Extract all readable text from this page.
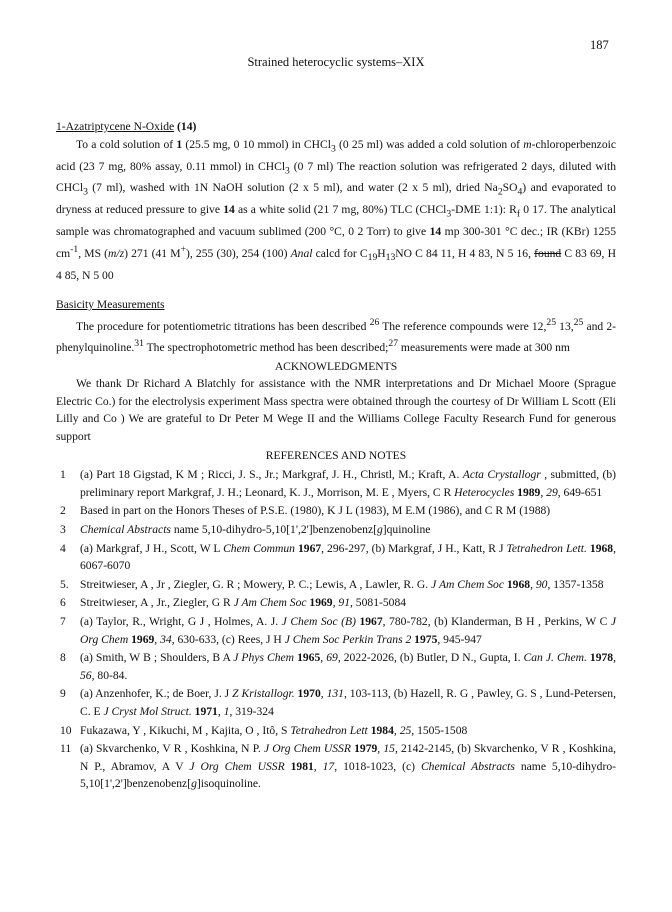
187
Strained heterocyclic systems–XIX

1-Azatriptycene N-Oxide (14)

To a cold solution of 1 (25.5 mg, 0 10 mmol) in CHCl$_3$ (0 25 ml) was added a cold solution of m-chloroperbenzoic acid (23 7 mg, 80% assay, 0.11 mmol) in CHCl$_3$ (0 7 ml) The reaction solution was refrigerated 2 days, diluted with CHCl$_3$ (7 ml), washed with 1N NaOH solution (2 x 5 ml), and water (2 x 5 ml), dried $Na_2SO_4$) and evaporated to dryness at reduced pressure to give 14 as a white solid (21 7 mg, 80%) TLC (CHCl$_3$-DME 1:1): $R_f$ 0 17. The analytical sample was chromatographed and vacuum sublimed (200 °C, 0 2 Torr) to give 14 mp 300-301 °C dec.; IR (KBr) 1255 $cm^{-1}$, MS (m/z) 271 (41 M+), 255 (30), 254 (100) Anal calcd for $C_{19}H_{13}NO$ C 84 11, H 4 83, N 5 16, found C 83 69, H 4 85, N 5 00

Basicity Measurements

The procedure for potentiometric titrations has been described $^{26}$ The reference compounds were 12,25 13,25 and 2-phenylquinoline.$^{31}$ The spectrophotometric method has been described;$^{27}$ measurements were made at 300 nm

ACKNOWLEDGMENTS

We thank Dr Richard A Blatchly for assistance with the NMR interpretations and Dr Michael Moore (Sprague Electric Co.) for the electrolysis experiment Mass spectra were obtained through the courtesy of Dr William L Scott (Eli Lilly and Co ) We are grateful to Dr Peter M Wege II and the Williams College Faculty Research Fund for generous support

REFERENCES AND NOTES

1 (a) Part 18 Gigstad, K M ; Ricci, J. S., Jr.; Markgraf, J. H., Christl, M.; Kraft, A. Acta Crystallogr , submitted, (b) preliminary report Markgraf, J. H.; Leonard, K. J., Morrison, M. E , Myers, C R Heterocycles 1989, 29, 649-651
2 Based in part on the Honors Theses of P.S.E. (1980), K J L (1983), M E.M (1986), and C R M (1988)
3 Chemical Abstracts name 5,10-dihydro-5,10[1',2']benzenobenz[g]quinoline
4 (a) Markgraf, J H., Scott, W L Chem Commun 1967, 296-297, (b) Markgraf, J H., Katt, R J Tetrahedron Lett. 1968, 6067-6070
5. Streitwieser, A , Jr , Ziegler, G. R ; Mowery, P. C.; Lewis, A , Lawler, R. G. J Am Chem Soc 1968, 90, 1357-1358
6 Streitwieser, A , Jr., Ziegler, G R J Am Chem Soc 1969, 91, 5081-5084
7 (a) Taylor, R., Wright, G J , Holmes, A. J. J Chem Soc (B) 1967, 780-782, (b) Klanderman, B H , Perkins, W C J Org Chem 1969, 34, 630-633, (c) Rees, J H J Chem Soc Perkin Trans 2 1975, 945-947
8 (a) Smith, W B ; Shoulders, B A J Phys Chem 1965, 69, 2022-2026, (b) Butler, D N., Gupta, I. Can J. Chem. 1978, 56, 80-84.
9 (a) Anzenhofer, K.; de Boer, J. J Z Kristallogr. 1970, 131, 103-113, (b) Hazell, R. G , Pawley, G. S , Lund-Petersen, C. E J Cryst Mol Struct. 1971, 1, 319-324
10 Fukazawa, Y , Kikuchi, M , Kajita, O , Itô, S Tetrahedron Lett 1984, 25, 1505-1508
11 (a) Skvarchenko, V R , Koshkina, N P. J Org Chem USSR 1979, 15, 2142-2145, (b) Skvarchenko, V R , Koshkina, N P., Abramov, A V J Org Chem USSR 1981, 17, 1018-1023, (c) Chemical Abstracts name 5,10-dihydro-5,10[1',2']benzenobenz[g]isoquinoline.
